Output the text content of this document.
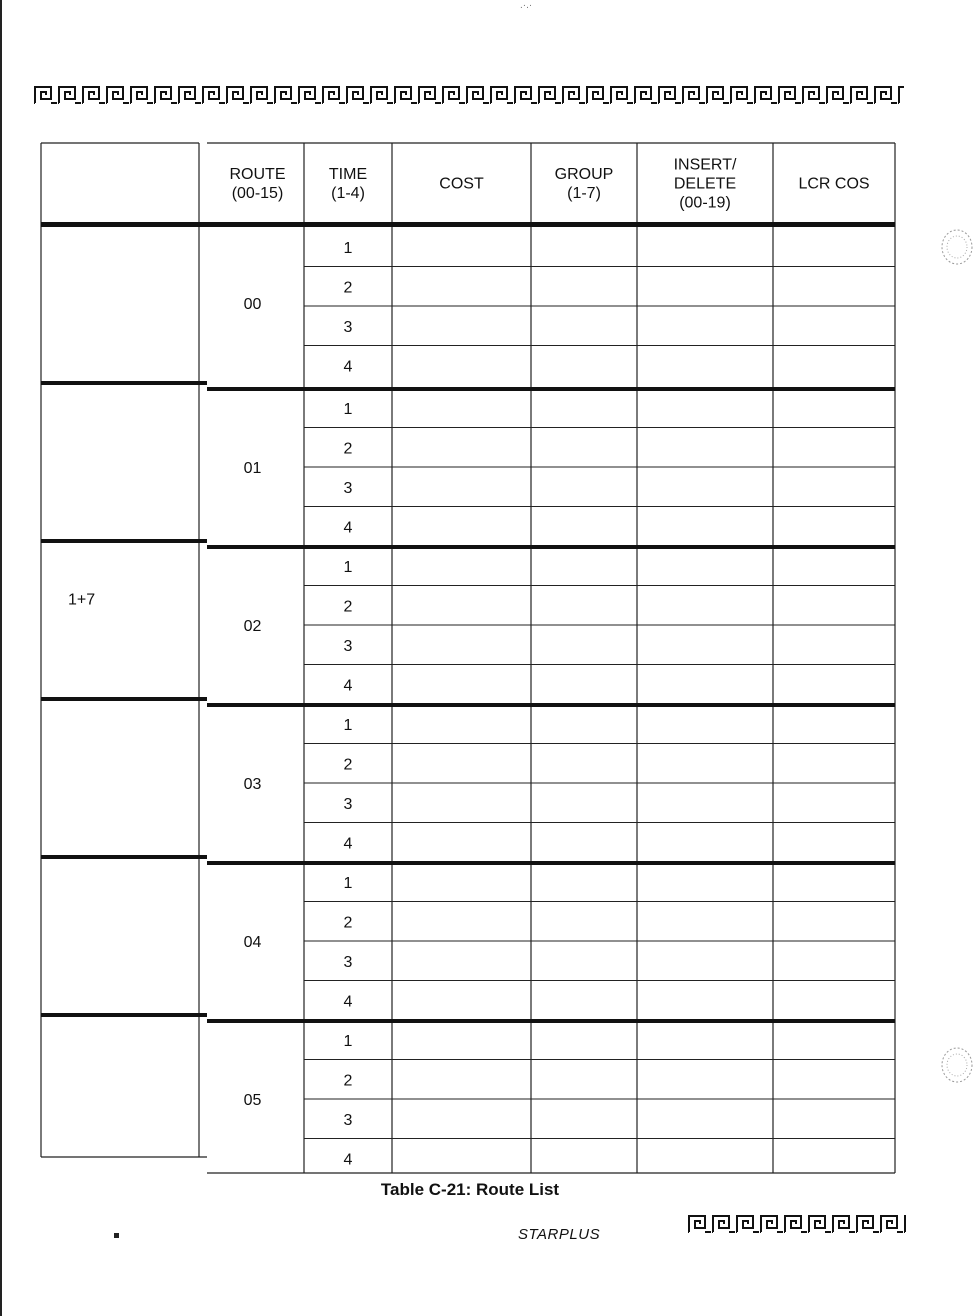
.·.·
ROUTE
(00-15)
TIME
(1-4)
COST
GROUP
(1-7)
INSERT/
DELETE
(00-19)
LCR COS
1
2
3
4
00
1
2
3
4
01
1
2
3
4
02
1+7
1
2
3
4
03
1
2
3
4
04
1
2
3
4
05
Table C-21: Route List
STARPLUS
